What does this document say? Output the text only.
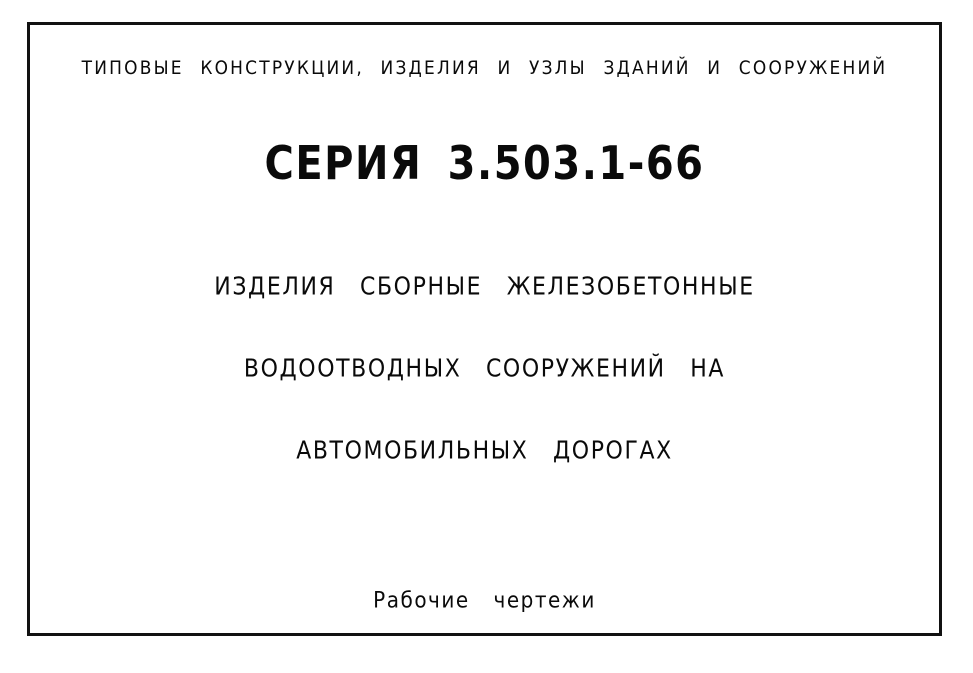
ТИПОВЫЕ КОНСТРУКЦИИ, ИЗДЕЛИЯ И УЗЛЫ ЗДАНИЙ И СООРУЖЕНИЙ
СЕРИЯ 3.503.1-66
ИЗДЕЛИЯ СБОРНЫЕ ЖЕЛЕЗОБЕТОННЫЕ
ВОДООТВОДНЫХ СООРУЖЕНИЙ НА
АВТОМОБИЛЬНЫХ ДОРОГАХ
Рабочие чертежи
